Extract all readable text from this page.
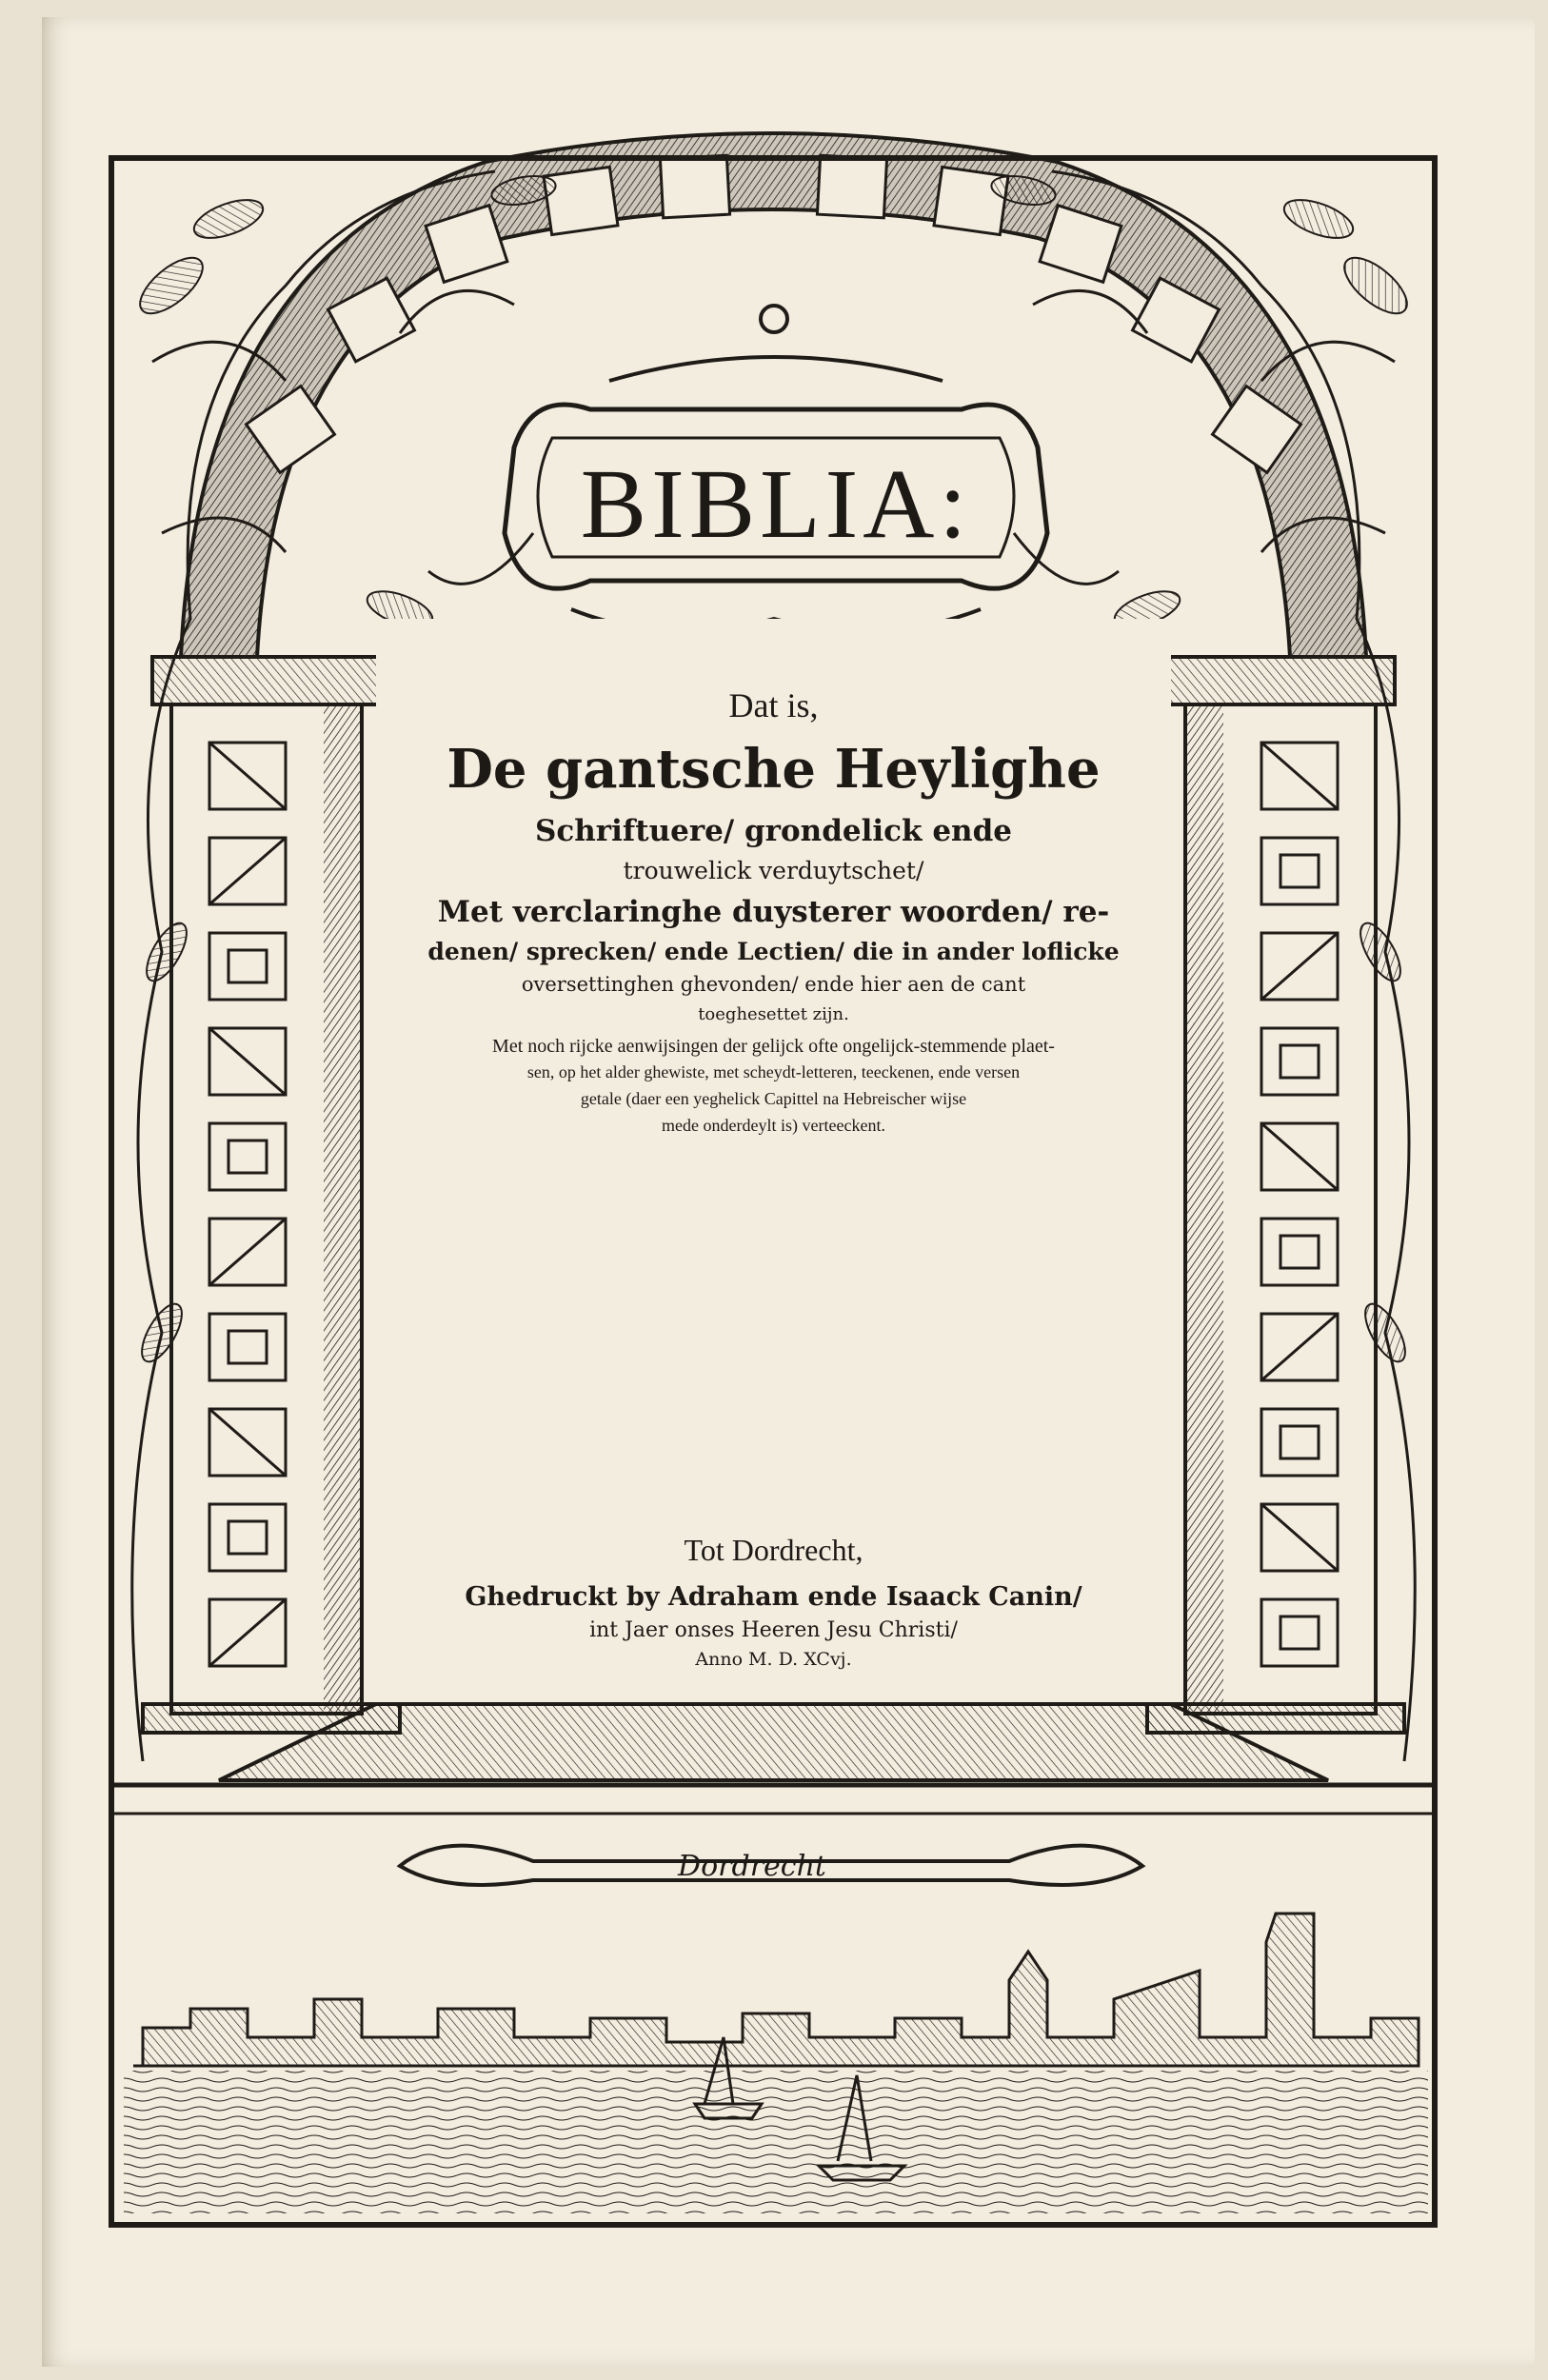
BIBLIA:
Dat is,
De gantsche Heylighe
Schriftuere/ grondelick ende
trouwelick verduytschet/
Met verclaringhe duysterer woorden/ re-
denen/ sprecken/ ende Lectien/ die in ander loflicke
oversettinghen ghevonden/ ende hier aen de cant
toeghesettet zijn.
Met noch rijcke aenwijsingen der gelijck ofte ongelijck-stemmende plaet-
sen, op het alder ghewiste, met scheydt-letteren, teeckenen, ende versen
getale (daer een yeghelick Capittel na Hebreischer wijse
mede onderdeylt is) verteeckent.
Tot Dordrecht,
Ghedruckt by Adraham ende Isaack Canin/
int Jaer onses Heeren Jesu Christi/
Anno M. D. XCvj.
Dordrecht
